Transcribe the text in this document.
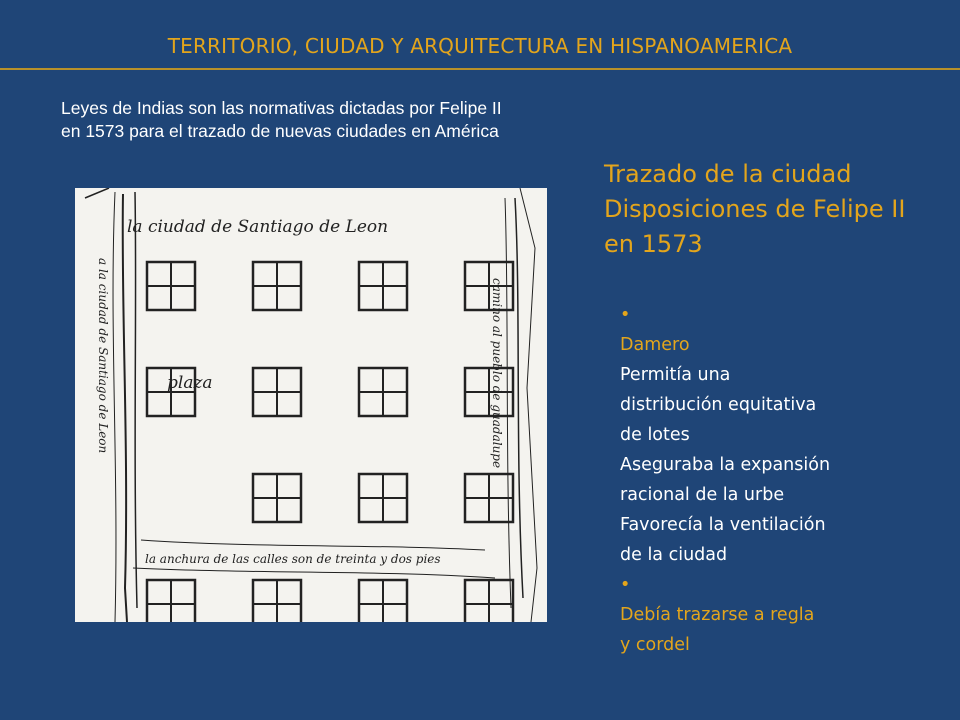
TERRITORIO, CIUDAD Y ARQUITECTURA EN HISPANOAMERICA
Leyes de Indias son las normativas dictadas por Felipe II
en 1573 para el trazado de nuevas ciudades en América
la ciudad de Santiago de Leon
plaza
la anchura de las calles son de treinta y dos pies
a la ciudad de Santiago de Leon	camino al pueblo de guadalupe
Trazado de la ciudad
Disposiciones de Felipe II
en 1573
•
Damero
Permitía una
distribución equitativa
de lotes
Aseguraba la expansión
racional de la urbe
Favorecía la ventilación
de la ciudad
•
Debía trazarse a regla
y cordel
